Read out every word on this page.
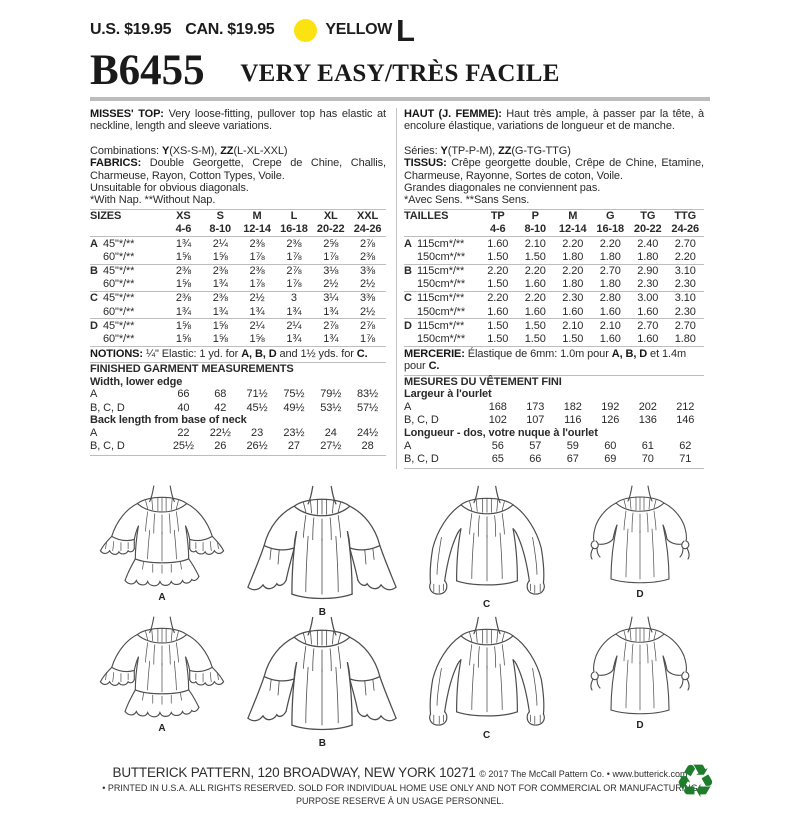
U.S. $19.95 CAN. $19.95	YELLOW L
B6455	VERY EASY/TRÈS FACILE

MISSES' TOP: Very loose-fitting, pullover top has elastic at neckline, length and sleeve variations.

Combinations: Y(XS-S-M), ZZ(L-XL-XXL)

FABRICS: Double Georgette, Crepe de Chine, Challis, Charmeuse, Rayon, Cotton Types, Voile.

Unsuitable for obvious diagonals.

*With Nap. **Without Nap.

SIZES	XS	S	M	L	XL	XXL
4-6	8-10	12-14 16-18 20-22 24-26
A 45"*/**	1¾	2¼	2⅜	2⅜	2⅝	2⅞
60"*/**	1⅝	1⅝	1⅞	1⅞	1⅞	2⅜
B 45"*/**	2⅜	2⅜	2⅜	2⅞	3⅛	3⅜
60"*/**	1⅝	1¾	1⅞	1⅞	2½	2½
C 45"*/**	2⅜	2⅜	2½	3	3¼	3⅜
60"*/**	1¾	1¾	1¾	1¾	1¾	2½
D 45"*/**	1⅝	1⅝	2¼	2¼	2⅞	2⅞
60"*/**	1⅝	1⅝	1⅝	1¾	1¾	1⅞

NOTIONS: ¼" Elastic: 1 yd. for A, B, D and 1½ yds. for C.

FINISHED GARMENT MEASUREMENTS

Width, lower edge

A	66	68	71½	75½	79½	83½
B, C, D	40	42	45½	49½	53½	57½

Back length from base of neck

A	22	22½	23	23½	24	24½
B, C, D	25½	26	26½	27	27½	28

HAUT (J. FEMME): Haut très ample, à passer par la tête, à encolure élastique, variations de longueur et de manche.

Séries: Y(TP-P-M), ZZ(G-TG-TTG)

TISSUS: Crêpe georgette double, Crêpe de Chine, Etamine, Charmeuse, Rayonne, Sortes de coton, Voile.

Grandes diagonales ne conviennent pas.

*Avec Sens. **Sans Sens.

TAILLES	TP	P	M	G	TG	TTG
4-6	8-10	12-14 16-18 20-22 24-26
A 115cm*/**	1.60	2.10	2.20	2.20	2.40	2.70
150cm*/**	1.50	1.50	1.80	1.80	1.80	2.20
B 115cm*/**	2.20	2.20	2.20	2.70	2.90	3.10
150cm*/**	1.50	1.60	1.80	1.80	2.30	2.30
C 115cm*/**	2.20	2.20	2.30	2.80	3.00	3.10
150cm*/**	1.60	1.60	1.60	1.60	1.60	2.30
D 115cm*/**	1.50	1.50	2.10	2.10	2.70	2.70
150cm*/**	1.50	1.50	1.50	1.60	1.60	1.80

MERCERIE: Élastique de 6mm: 1.0m pour A, B, D et 1.4m pour C.

MESURES DU VÊTEMENT FINI

Largeur à l'ourlet

A	168	173	182	192	202	212
B, C, D	102	107	116	126	136	146

Longueur - dos, votre nuque à l'ourlet

A	56	57	59	60	61	62
B, C, D	65	66	67	69	70	71
A
B
C
D
A
B
C
D
BUTTERICK PATTERN, 120 BROADWAY, NEW YORK 10271 © 2017 The McCall Pattern Co. • www.butterick.com
• PRINTED IN U.S.A. ALL RIGHTS RESERVED. SOLD FOR INDIVIDUAL HOME USE ONLY AND NOT FOR COMMERCIAL OR MANUFACTURING
PURPOSE RESERVE À UN USAGE PERSONNEL.	♻
